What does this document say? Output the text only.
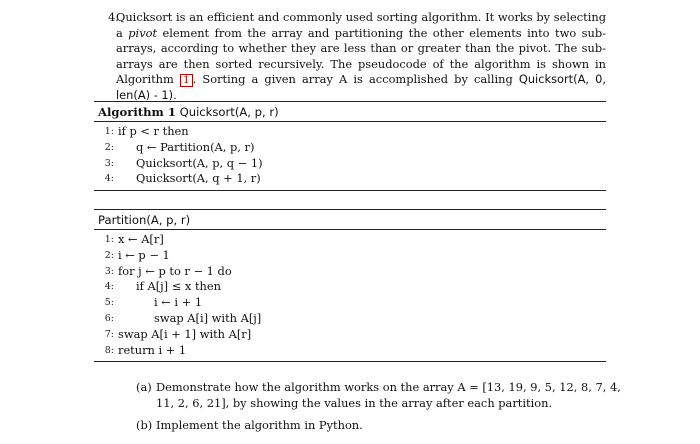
4.

Quicksort is an efficient and commonly used sorting algorithm. It works by selecting a pivot element from the array and partitioning the other elements into two sub-arrays, according to whether they are less than or greater than the pivot. The sub-arrays are then sorted recursively. The pseudocode of the algorithm is shown in Algorithm 1 . Sorting a given array A is accomplished by calling Quicksort(A, 0, len(A) - 1).

Algorithm 1 Quicksort(A, p, r)
1: if p < r then
2:	q ← Partition(A, p, r)
3:	Quicksort(A, p, q − 1)
4:	Quicksort(A, q + 1, r)
Partition(A, p, r)
1: x ← A[r]
2: i ← p − 1
3: for j ← p to r − 1 do
4:	if A[j] ≤ x then
5:	i ← i + 1
6:	swap A[i] with A[j]
7: swap A[i + 1] with A[r]
8: return i + 1
(a) Demonstrate how the algorithm works on the array A = [13, 19, 9, 5, 12, 8, 7, 4, 11, 2, 6, 21], by showing the values in the array after each partition.
(b) Implement the algorithm in Python.
